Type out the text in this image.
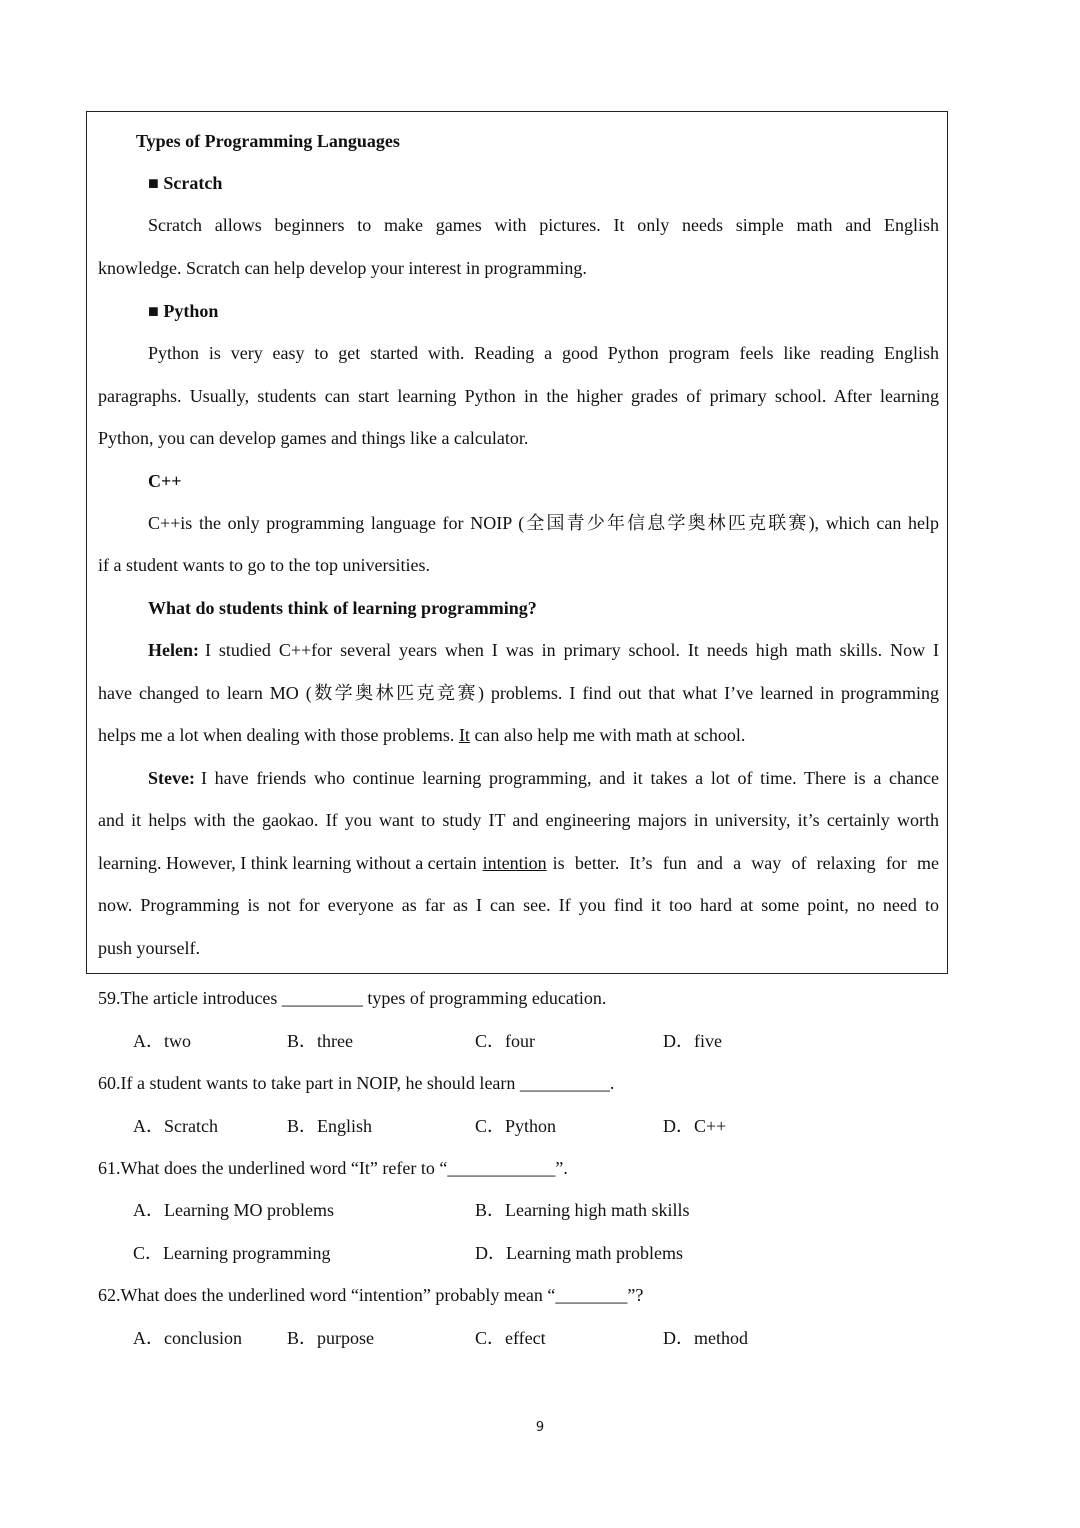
Types of Programming Languages
■ Scratch
Scratch allows beginners to make games with pictures. It only needs simple math and English
knowledge. Scratch can help develop your interest in programming.
■ Python
Python is very easy to get started with. Reading a good Python program feels like reading English
paragraphs. Usually, students can start learning Python in the higher grades of primary school. After learning
Python, you can develop games and things like a calculator.
C++
C++is the only programming language for NOIP (全国青少年信息学奥林匹克联赛), which can help
if a student wants to go to the top universities.
What do students think of learning programming?
Helen: I studied C++for several years when I was in primary school. It needs high math skills. Now I
have changed to learn MO (数学奥林匹克竞赛) problems. I find out that what I’ve learned in programming
helps me a lot when dealing with those problems. It can also help me with math at school.
Steve: I have friends who continue learning programming, and it takes a lot of time. There is a chance
and it helps with the gaokao. If you want to study IT and engineering majors in university, it’s certainly worth
learning. However, I think learning without a certain intention is better. It’s fun and a way of relaxing for me
now. Programming is not for everyone as far as I can see. If you find it too hard at some point, no need to
push yourself.
59.The article introduces _________ types of programming education.
A．two	B．three	C．four	D．five
60.If a student wants to take part in NOIP, he should learn __________.
A．Scratch	B．English	C．Python	D．C++
61.What does the underlined word “It” refer to “____________”.
A．Learning MO problems	B．Learning high math skills
C．Learning programming	D．Learning math problems
62.What does the underlined word “intention” probably mean “________”?
A．conclusion	B．purpose	C．effect	D．method
9
